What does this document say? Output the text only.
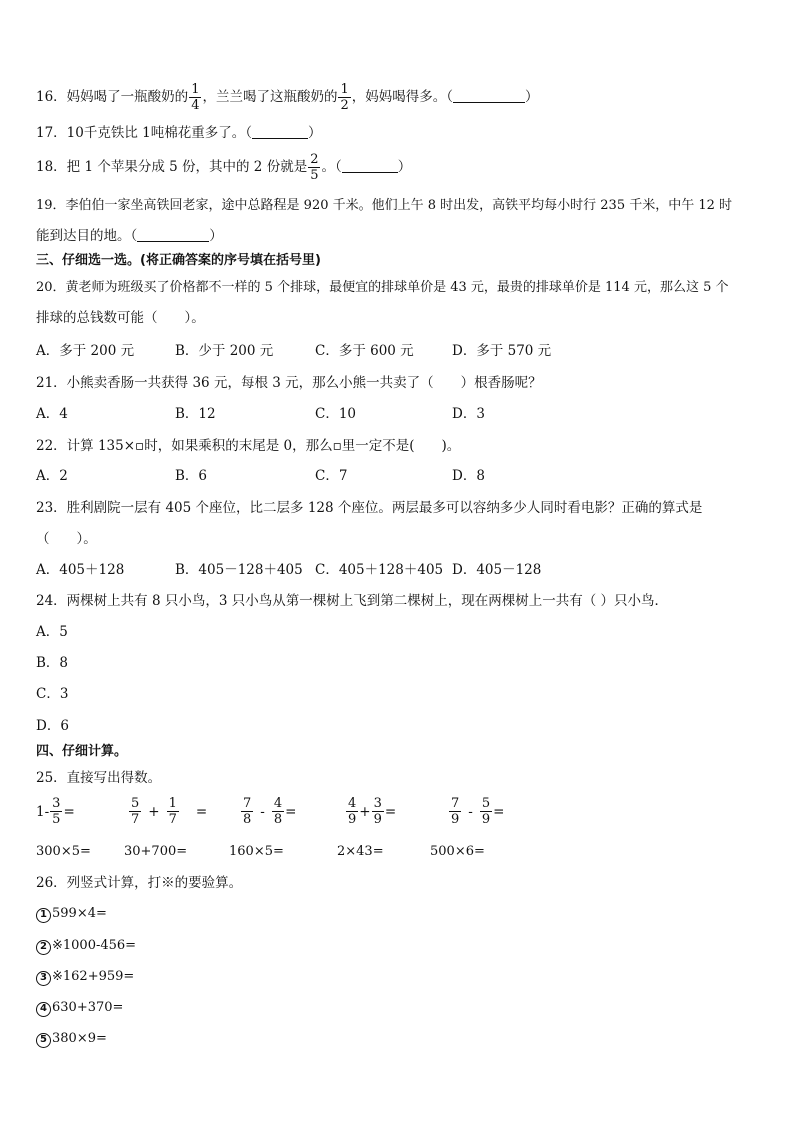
16．妈妈喝了一瓶酸奶的 $\frac{1}{4}$ ，兰兰喝了这瓶酸奶的 $\frac{1}{2}$ ，妈妈喝得多。（	）
17．10千克铁比 1吨棉花重多了。（	）
18．把 1 个苹果分成 5 份，其中的 2 份就是 $\frac{2}{5}$ 。（	）
19．李伯伯一家坐高铁回老家，途中总路程是 920 千米。他们上午 8 时出发，高铁平均每小时行 235 千米，中午 12 时
能到达目的地。（	）
三、仔细选一选。(将正确答案的序号填在括号里)
20．黄老师为班级买了价格都不一样的 5 个排球，最便宜的排球单价是 43 元，最贵的排球单价是 114 元，那么这 5 个
排球的总钱数可能（　　）。
A．多于 200 元	B．少于 200 元	C．多于 600 元	D．多于 570 元
21．小熊卖香肠一共获得 36 元，每根 3 元，那么小熊一共卖了（　　）根香肠呢？
A．4	B．12	C．10	D．3
22．计算 135×▫时，如果乘积的末尾是 0，那么▫里一定不是(　　)。
A．2	B．6	C．7	D．8
23．胜利剧院一层有 405 个座位，比二层多 128 个座位。两层最多可以容纳多少人同时看电影？正确的算式是
（　　）。
A．405＋128	B．405－128＋405 C．405＋128＋405 D．405－128
24．两棵树上共有 8 只小鸟，3 只小鸟从第一棵树上飞到第二棵树上，现在两棵树上一共有（ ）只小鸟．
A．5
B．8
C．3
D．6
四、仔细计算。
25．直接写出得数。
$1- \frac{3}{5}$ =	$\frac{5}{7} + \frac{1}{7}$ =	$\frac{7}{8} - \frac{4}{8}$ =	$\frac{4}{9} + \frac{3}{9}$ =	$\frac{7}{9} - \frac{5}{9}$ =
300×5=	30+700=	160×5=	2×43=	500×6=
26．列竖式计算，打※的要验算。
1 599×4=
2 ※1000-456=
3 ※162+959=
4 630+370=
5 380×9=
